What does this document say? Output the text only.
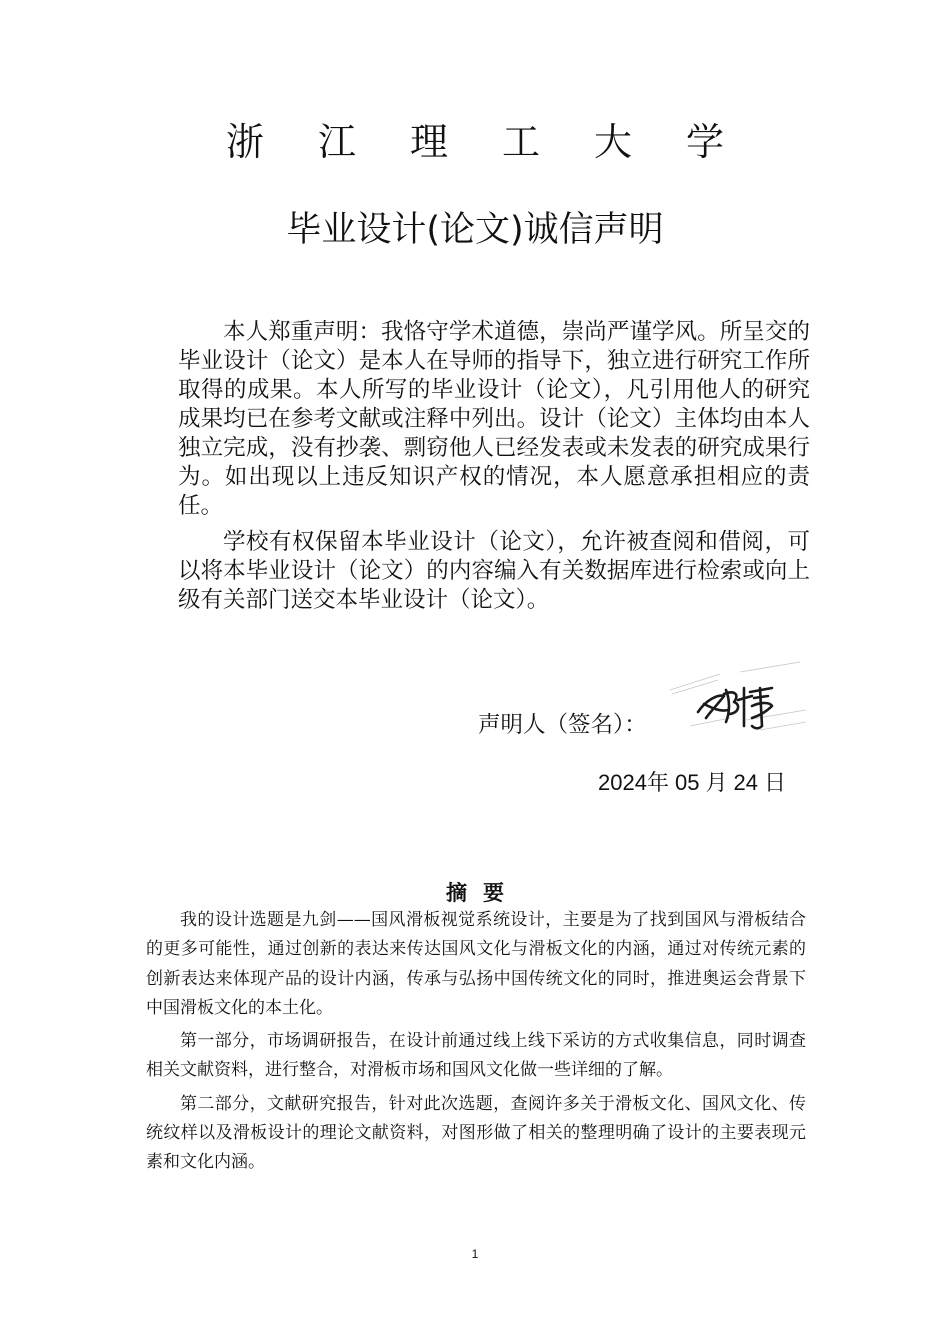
浙江理工大学
毕业设计(论文)诚信声明

本人郑重声明：我恪守学术道德，崇尚严谨学风。所呈交的毕业设计（论文）是本人在导师的指导下，独立进行研究工作所取得的成果。本人所写的毕业设计（论文），凡引用他人的研究成果均已在参考文献或注释中列出。设计（论文）主体均由本人独立完成，没有抄袭、剽窃他人已经发表或未发表的研究成果行为。如出现以上违反知识产权的情况，本人愿意承担相应的责任。

学校有权保留本毕业设计（论文），允许被查阅和借阅，可以将本毕业设计（论文）的内容编入有关数据库进行检索或向上级有关部门送交本毕业设计（论文）。

声明人（签名）：
2024年 05 月 24 日
摘要

我的设计选题是九剑——国风滑板视觉系统设计，主要是为了找到国风与滑板结合的更多可能性，通过创新的表达来传达国风文化与滑板文化的内涵，通过对传统元素的创新表达来体现产品的设计内涵，传承与弘扬中国传统文化的同时，推进奥运会背景下中国滑板文化的本土化。

第一部分，市场调研报告，在设计前通过线上线下采访的方式收集信息，同时调查相关文献资料，进行整合，对滑板市场和国风文化做一些详细的了解。

第二部分，文献研究报告，针对此次选题，查阅许多关于滑板文化、国风文化、传统纹样以及滑板设计的理论文献资料，对图形做了相关的整理明确了设计的主要表现元素和文化内涵。

1
